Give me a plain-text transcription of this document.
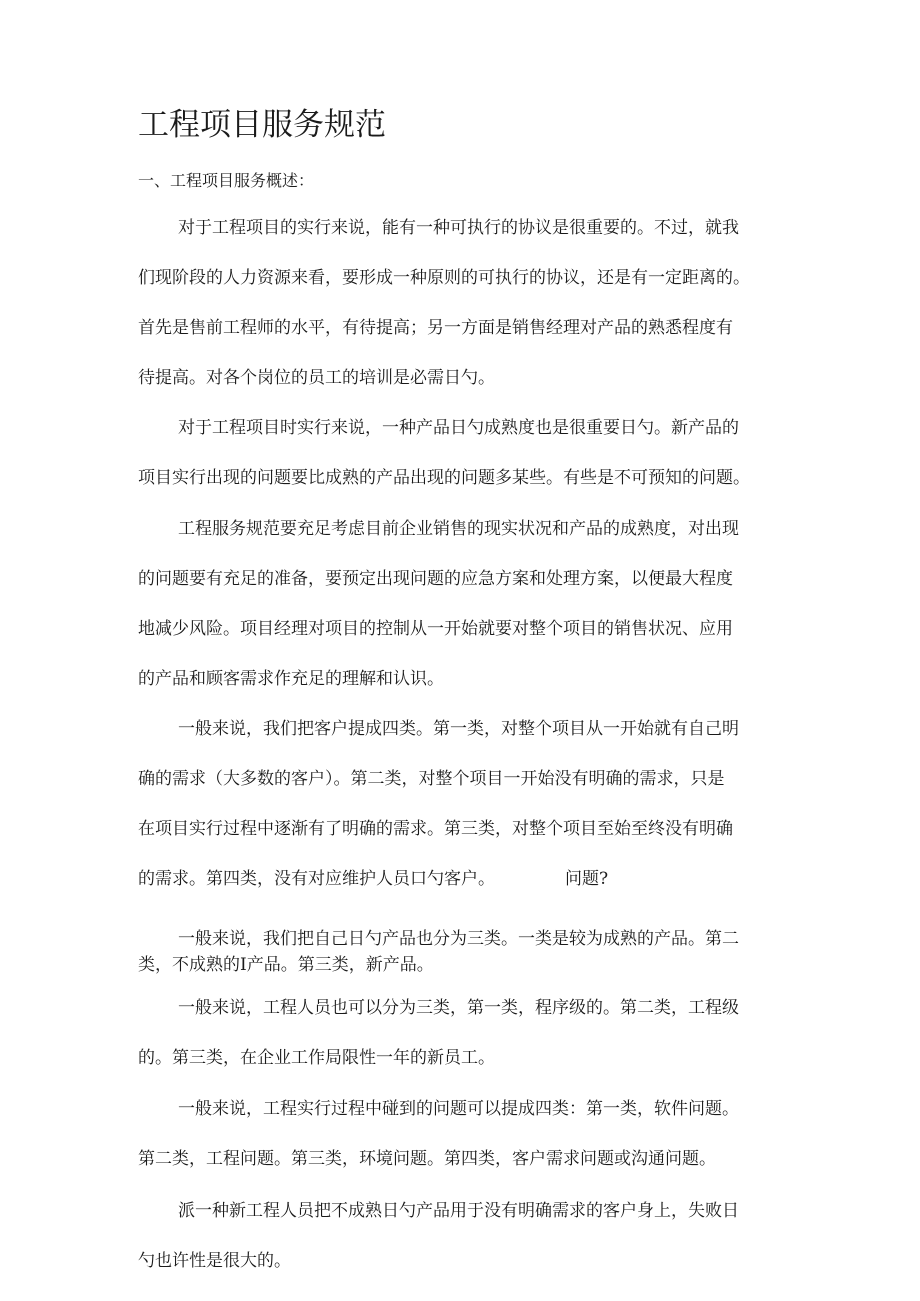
工程项目服务规范

一、工程项目服务概述：

对于工程项目的实行来说，能有一种可执行的协议是很重要的。不过，就我

们现阶段的人力资源来看，要形成一种原则的可执行的协议，还是有一定距离的。

首先是售前工程师的水平，有待提高；另一方面是销售经理对产品的熟悉程度有

待提高。对各个岗位的员工的培训是必需日勺。

对于工程项目时实行来说，一种产品日勺成熟度也是很重要日勺。新产品的

项目实行出现的问题要比成熟的产品出现的问题多某些。有些是不可预知的问题。

工程服务规范要充足考虑目前企业销售的现实状况和产品的成熟度，对出现

的问题要有充足的准备，要预定出现问题的应急方案和处理方案，以便最大程度

地减少风险。项目经理对项目的控制从一开始就要对整个项目的销售状况、应用

的产品和顾客需求作充足的理解和认识。

一般来说，我们把客户提成四类。第一类，对整个项目从一开始就有自己明

确的需求（大多数的客户）。第二类，对整个项目一开始没有明确的需求，只是

在项目实行过程中逐渐有了明确的需求。第三类，对整个项目至始至终没有明确

的需求。第四类，没有对应维护人员口勺客户。	问题?

一般来说，我们把自己日勺产品也分为三类。一类是较为成熟的产品。第二

类，不成熟的I产品。第三类，新产品。

一般来说，工程人员也可以分为三类，第一类，程序级的。第二类，工程级

的。第三类，在企业工作局限性一年的新员工。

一般来说，工程实行过程中碰到的问题可以提成四类：第一类，软件问题。

第二类，工程问题。第三类，环境问题。第四类，客户需求问题或沟通问题。

派一种新工程人员把不成熟日勺产品用于没有明确需求的客户身上，失败日

勺也许性是很大的。
